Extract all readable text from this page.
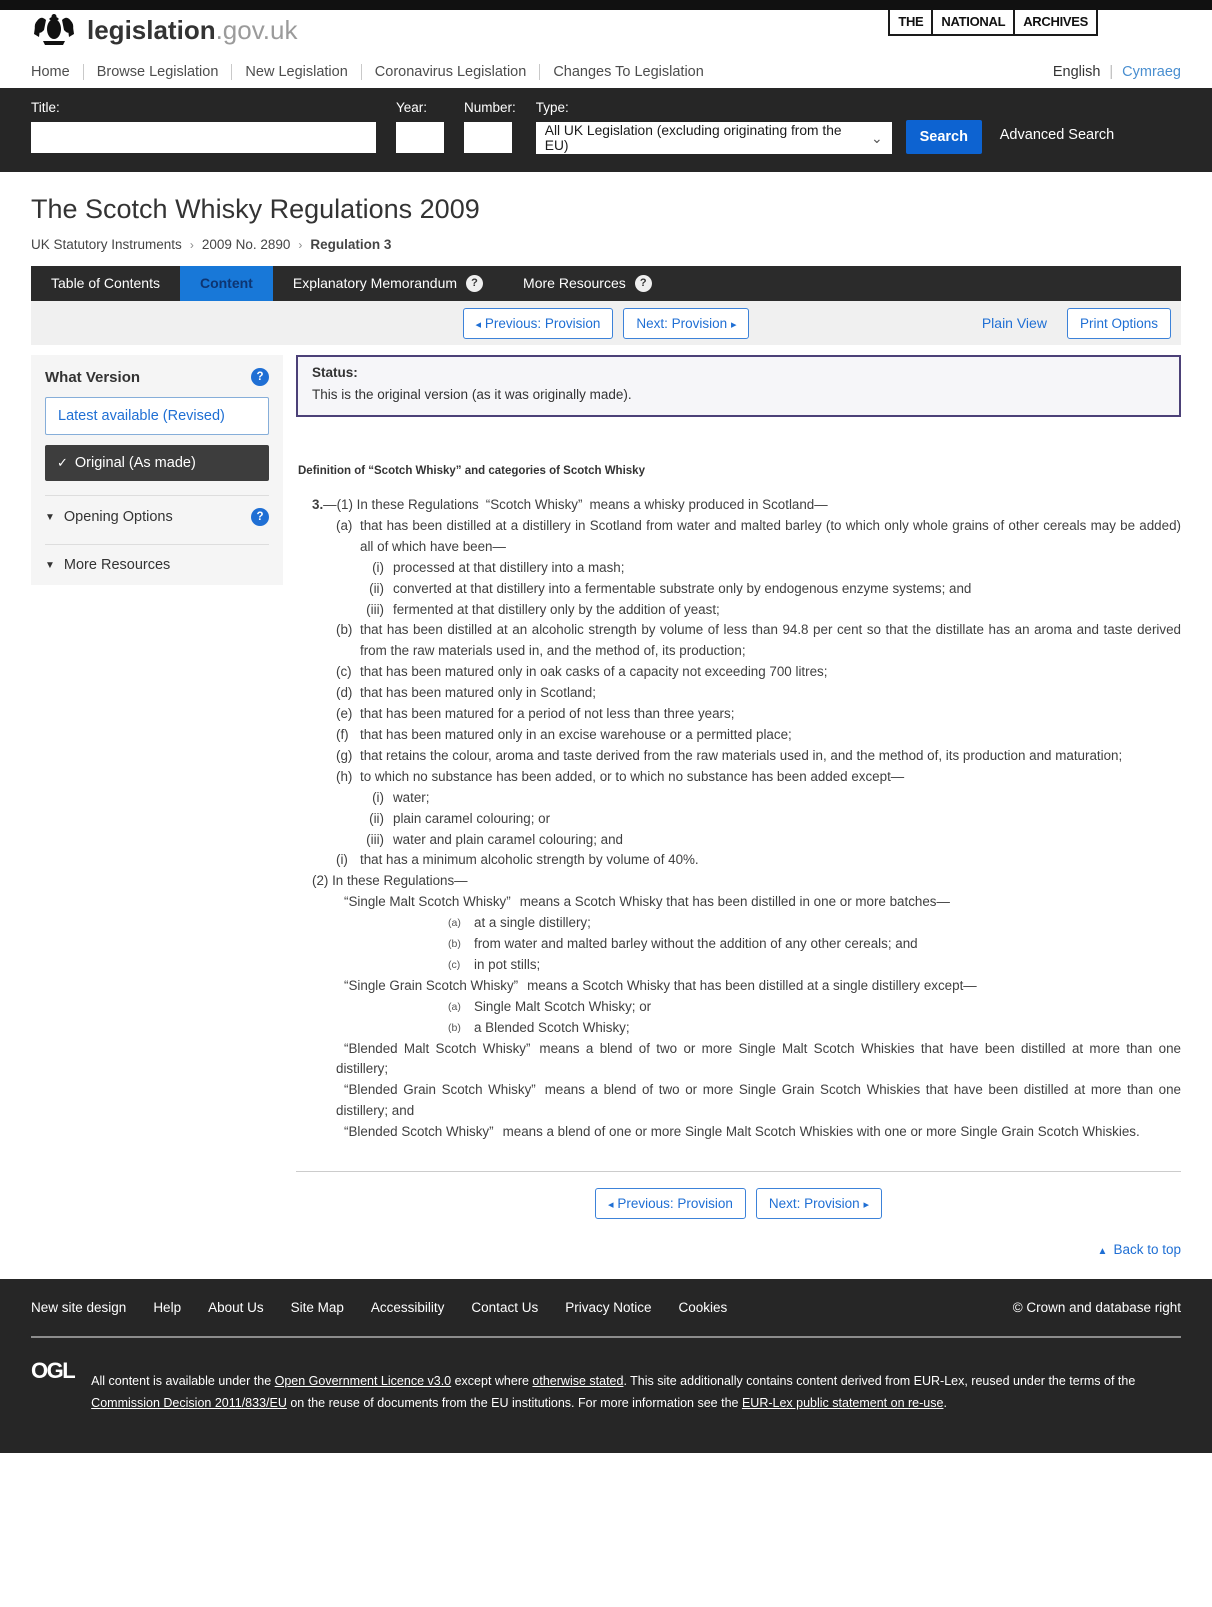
legislation.gov.uk	THE	NATIONAL	ARCHIVES
Home	Browse Legislation	New Legislation	Coronavirus Legislation	Changes To Legislation	English | Cymraeg
Title:	Year:	Number: Type:
All UK Legislation (excluding originating from the EU)	⌄	Search	Advanced Search
The Scotch Whisky Regulations 2009
UK Statutory Instruments › 2009 No. 2890 › Regulation 3
Table of Contents	Content	Explanatory Memorandum	?	More Resources	?
◂ Previous: Provision	Next: Provision ▸	Plain View	Print Options
What Version	?
Latest available (Revised)
✓ Original (As made)
▼ Opening Options	?
▼ More Resources
Status:
This is the original version (as it was originally made).
Definition of “Scotch Whisky” and categories of Scotch Whisky

3.—(1) In these Regulations “Scotch Whisky” means a whisky produced in Scotland—

(a) that has been distilled at a distillery in Scotland from water and malted barley (to which only whole grains of other cereals may be added) all of which have been—

(i) processed at that distillery into a mash;

(ii) converted at that distillery into a fermentable substrate only by endogenous enzyme systems; and

(iii) fermented at that distillery only by the addition of yeast;

(b) that has been distilled at an alcoholic strength by volume of less than 94.8 per cent so that the distillate has an aroma and taste derived from the raw materials used in, and the method of, its production;

(c) that has been matured only in oak casks of a capacity not exceeding 700 litres;

(d) that has been matured only in Scotland;

(e) that has been matured for a period of not less than three years;

(f) that has been matured only in an excise warehouse or a permitted place;

(g) that retains the colour, aroma and taste derived from the raw materials used in, and the method of, its production and maturation;

(h) to which no substance has been added, or to which no substance has been added except—

(i) water;

(ii) plain caramel colouring; or

(iii) water and plain caramel colouring; and

(i) that has a minimum alcoholic strength by volume of 40%.

(2) In these Regulations—

“Single Malt Scotch Whisky” means a Scotch Whisky that has been distilled in one or more batches—

(a) at a single distillery;

(b) from water and malted barley without the addition of any other cereals; and

(c) in pot stills;

“Single Grain Scotch Whisky” means a Scotch Whisky that has been distilled at a single distillery except—

(a) Single Malt Scotch Whisky; or

(b) a Blended Scotch Whisky;

“Blended Malt Scotch Whisky” means a blend of two or more Single Malt Scotch Whiskies that have been distilled at more than one distillery;

“Blended Grain Scotch Whisky” means a blend of two or more Single Grain Scotch Whiskies that have been distilled at more than one distillery; and

“Blended Scotch Whisky” means a blend of one or more Single Malt Scotch Whiskies with one or more Single Grain Scotch Whiskies.

◂ Previous: Provision	Next: Provision ▸
▲ Back to top
New site design Help About Us Site Map Accessibility Contact Us Privacy Notice Cookies	© Crown and database right
OGL All content is available under the Open Government Licence v3.0 except where otherwise stated. This site additionally contains content derived from EUR-Lex, reused under the terms of the Commission Decision 2011/833/EU on the reuse of documents from the EU institutions. For more information see the EUR-Lex public statement on re-use.
